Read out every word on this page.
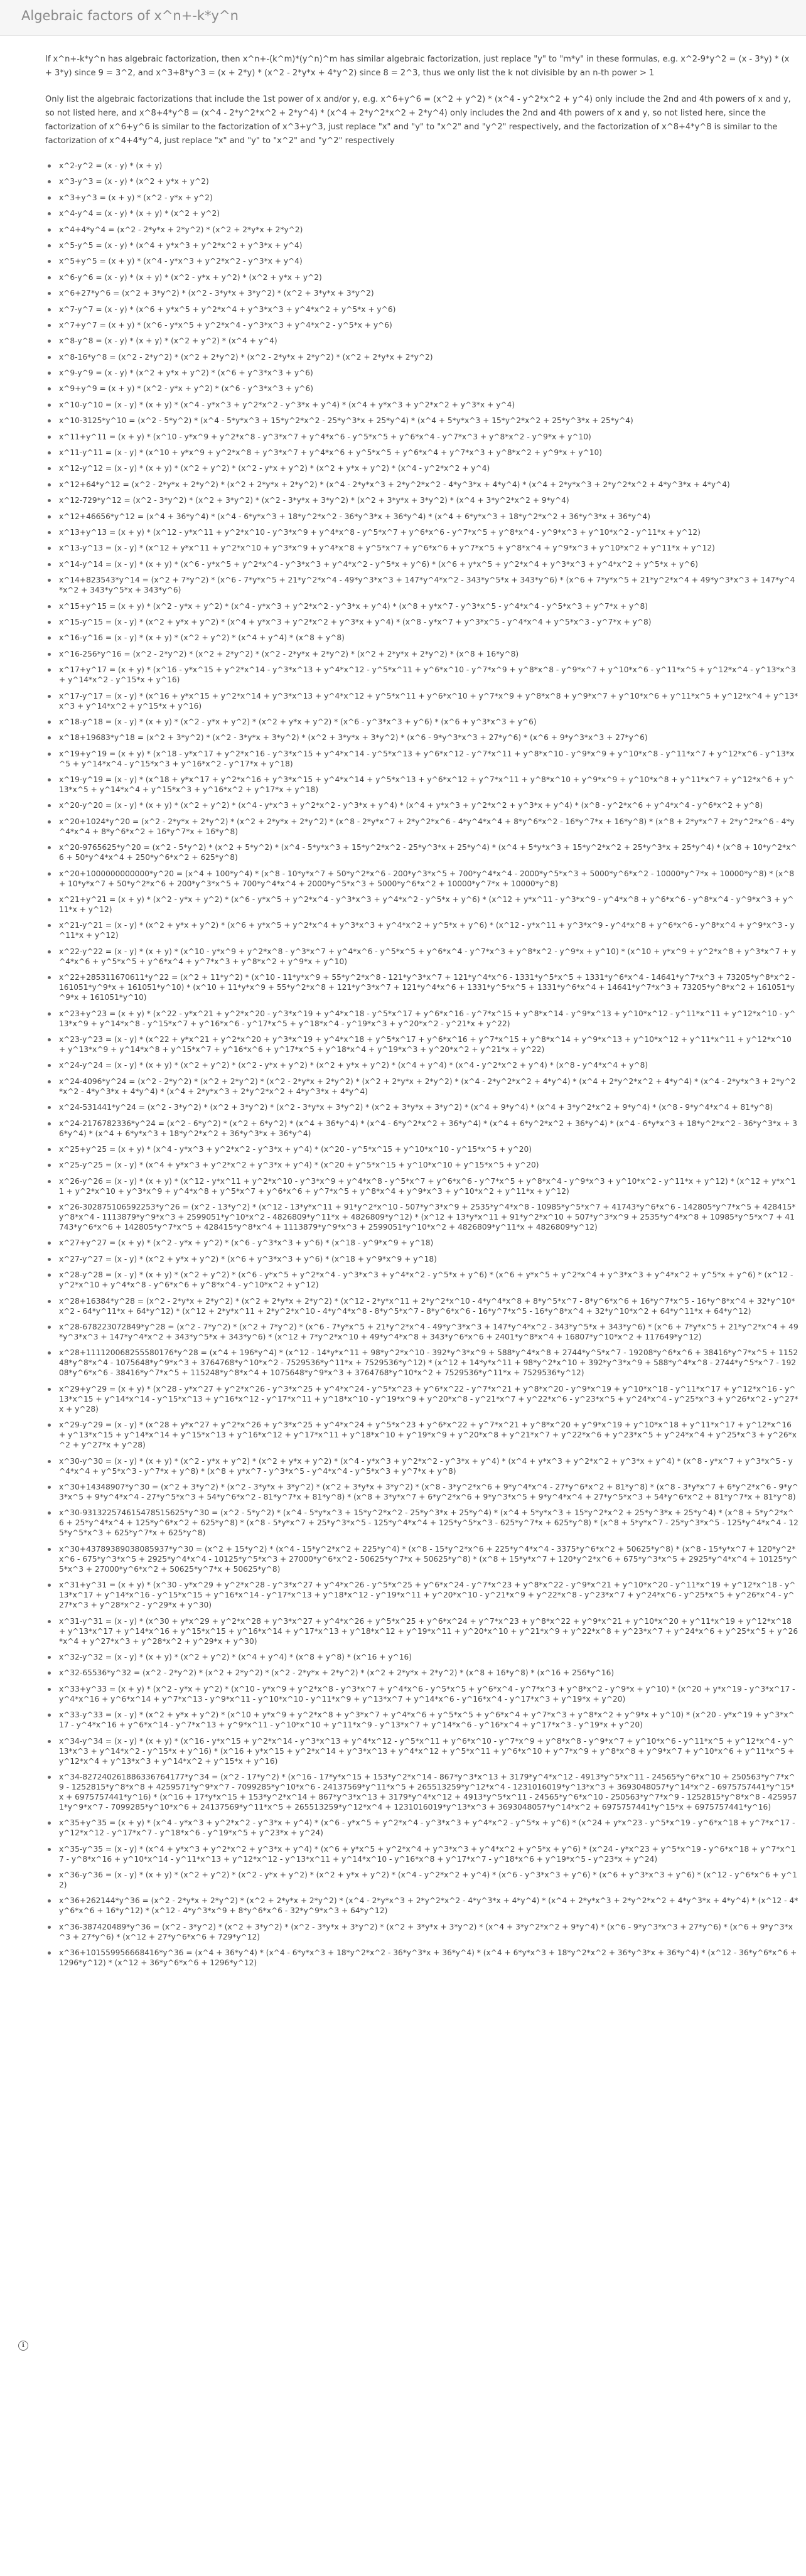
Algebraic factors of x^n+-k*y^n

If x^n+-k*y^n has algebraic factorization, then x^n+-(k^m)*(y^n)^m has similar algebraic factorization, just replace "y" to "m*y" in these formulas, e.g. x^2-9*y^2 = (x - 3*y) * (x + 3*y) since 9 = 3^2, and x^3+8*y^3 = (x + 2*y) * (x^2 - 2*y*x + 4*y^2) since 8 = 2^3, thus we only list the k not divisible by an n-th power > 1

Only list the algebraic factorizations that include the 1st power of x and/or y, e.g. x^6+y^6 = (x^2 + y^2) * (x^4 - y^2*x^2 + y^4) only include the 2nd and 4th powers of x and y, so not listed here, and x^8+4*y^8 = (x^4 - 2*y^2*x^2 + 2*y^4) * (x^4 + 2*y^2*x^2 + 2*y^4) only includes the 2nd and 4th powers of x and y, so not listed here, since the factorization of x^6+y^6 is similar to the factorization of x^3+y^3, just replace "x" and "y" to "x^2" and "y^2" respectively, and the factorization of x^8+4*y^8 is similar to the factorization of x^4+4*y^4, just replace "x" and "y" to "x^2" and "y^2" respectively

x^2-y^2 = (x - y) * (x + y)
x^3-y^3 = (x - y) * (x^2 + y*x + y^2)
x^3+y^3 = (x + y) * (x^2 - y*x + y^2)
x^4-y^4 = (x - y) * (x + y) * (x^2 + y^2)
x^4+4*y^4 = (x^2 - 2*y*x + 2*y^2) * (x^2 + 2*y*x + 2*y^2)
x^5-y^5 = (x - y) * (x^4 + y*x^3 + y^2*x^2 + y^3*x + y^4)
x^5+y^5 = (x + y) * (x^4 - y*x^3 + y^2*x^2 - y^3*x + y^4)
x^6-y^6 = (x - y) * (x + y) * (x^2 - y*x + y^2) * (x^2 + y*x + y^2)
x^6+27*y^6 = (x^2 + 3*y^2) * (x^2 - 3*y*x + 3*y^2) * (x^2 + 3*y*x + 3*y^2)
x^7-y^7 = (x - y) * (x^6 + y*x^5 + y^2*x^4 + y^3*x^3 + y^4*x^2 + y^5*x + y^6)
x^7+y^7 = (x + y) * (x^6 - y*x^5 + y^2*x^4 - y^3*x^3 + y^4*x^2 - y^5*x + y^6)
x^8-y^8 = (x - y) * (x + y) * (x^2 + y^2) * (x^4 + y^4)
x^8-16*y^8 = (x^2 - 2*y^2) * (x^2 + 2*y^2) * (x^2 - 2*y*x + 2*y^2) * (x^2 + 2*y*x + 2*y^2)
x^9-y^9 = (x - y) * (x^2 + y*x + y^2) * (x^6 + y^3*x^3 + y^6)
x^9+y^9 = (x + y) * (x^2 - y*x + y^2) * (x^6 - y^3*x^3 + y^6)
x^10-y^10 = (x - y) * (x + y) * (x^4 - y*x^3 + y^2*x^2 - y^3*x + y^4) * (x^4 + y*x^3 + y^2*x^2 + y^3*x + y^4)
x^10-3125*y^10 = (x^2 - 5*y^2) * (x^4 - 5*y*x^3 + 15*y^2*x^2 - 25*y^3*x + 25*y^4) * (x^4 + 5*y*x^3 + 15*y^2*x^2 + 25*y^3*x + 25*y^4)
x^11+y^11 = (x + y) * (x^10 - y*x^9 + y^2*x^8 - y^3*x^7 + y^4*x^6 - y^5*x^5 + y^6*x^4 - y^7*x^3 + y^8*x^2 - y^9*x + y^10)
x^11-y^11 = (x - y) * (x^10 + y*x^9 + y^2*x^8 + y^3*x^7 + y^4*x^6 + y^5*x^5 + y^6*x^4 + y^7*x^3 + y^8*x^2 + y^9*x + y^10)
x^12-y^12 = (x - y) * (x + y) * (x^2 + y^2) * (x^2 - y*x + y^2) * (x^2 + y*x + y^2) * (x^4 - y^2*x^2 + y^4)
x^12+64*y^12 = (x^2 - 2*y*x + 2*y^2) * (x^2 + 2*y*x + 2*y^2) * (x^4 - 2*y*x^3 + 2*y^2*x^2 - 4*y^3*x + 4*y^4) * (x^4 + 2*y*x^3 + 2*y^2*x^2 + 4*y^3*x + 4*y^4)
x^12-729*y^12 = (x^2 - 3*y^2) * (x^2 + 3*y^2) * (x^2 - 3*y*x + 3*y^2) * (x^2 + 3*y*x + 3*y^2) * (x^4 + 3*y^2*x^2 + 9*y^4)
x^12+46656*y^12 = (x^4 + 36*y^4) * (x^4 - 6*y*x^3 + 18*y^2*x^2 - 36*y^3*x + 36*y^4) * (x^4 + 6*y*x^3 + 18*y^2*x^2 + 36*y^3*x + 36*y^4)
x^13+y^13 = (x + y) * (x^12 - y*x^11 + y^2*x^10 - y^3*x^9 + y^4*x^8 - y^5*x^7 + y^6*x^6 - y^7*x^5 + y^8*x^4 - y^9*x^3 + y^10*x^2 - y^11*x + y^12)
x^13-y^13 = (x - y) * (x^12 + y*x^11 + y^2*x^10 + y^3*x^9 + y^4*x^8 + y^5*x^7 + y^6*x^6 + y^7*x^5 + y^8*x^4 + y^9*x^3 + y^10*x^2 + y^11*x + y^12)
x^14-y^14 = (x - y) * (x + y) * (x^6 - y*x^5 + y^2*x^4 - y^3*x^3 + y^4*x^2 - y^5*x + y^6) * (x^6 + y*x^5 + y^2*x^4 + y^3*x^3 + y^4*x^2 + y^5*x + y^6)
x^14+823543*y^14 = (x^2 + 7*y^2) * (x^6 - 7*y*x^5 + 21*y^2*x^4 - 49*y^3*x^3 + 147*y^4*x^2 - 343*y^5*x + 343*y^6) * (x^6 + 7*y*x^5 + 21*y^2*x^4 + 49*y^3*x^3 + 147*y^4*x^2 + 343*y^5*x + 343*y^6)
x^15+y^15 = (x + y) * (x^2 - y*x + y^2) * (x^4 - y*x^3 + y^2*x^2 - y^3*x + y^4) * (x^8 + y*x^7 - y^3*x^5 - y^4*x^4 - y^5*x^3 + y^7*x + y^8)
x^15-y^15 = (x - y) * (x^2 + y*x + y^2) * (x^4 + y*x^3 + y^2*x^2 + y^3*x + y^4) * (x^8 - y*x^7 + y^3*x^5 - y^4*x^4 + y^5*x^3 - y^7*x + y^8)
x^16-y^16 = (x - y) * (x + y) * (x^2 + y^2) * (x^4 + y^4) * (x^8 + y^8)
x^16-256*y^16 = (x^2 - 2*y^2) * (x^2 + 2*y^2) * (x^2 - 2*y*x + 2*y^2) * (x^2 + 2*y*x + 2*y^2) * (x^8 + 16*y^8)
x^17+y^17 = (x + y) * (x^16 - y*x^15 + y^2*x^14 - y^3*x^13 + y^4*x^12 - y^5*x^11 + y^6*x^10 - y^7*x^9 + y^8*x^8 - y^9*x^7 + y^10*x^6 - y^11*x^5 + y^12*x^4 - y^13*x^3 + y^14*x^2 - y^15*x + y^16)
x^17-y^17 = (x - y) * (x^16 + y*x^15 + y^2*x^14 + y^3*x^13 + y^4*x^12 + y^5*x^11 + y^6*x^10 + y^7*x^9 + y^8*x^8 + y^9*x^7 + y^10*x^6 + y^11*x^5 + y^12*x^4 + y^13*x^3 + y^14*x^2 + y^15*x + y^16)
x^18-y^18 = (x - y) * (x + y) * (x^2 - y*x + y^2) * (x^2 + y*x + y^2) * (x^6 - y^3*x^3 + y^6) * (x^6 + y^3*x^3 + y^6)
x^18+19683*y^18 = (x^2 + 3*y^2) * (x^2 - 3*y*x + 3*y^2) * (x^2 + 3*y*x + 3*y^2) * (x^6 - 9*y^3*x^3 + 27*y^6) * (x^6 + 9*y^3*x^3 + 27*y^6)
x^19+y^19 = (x + y) * (x^18 - y*x^17 + y^2*x^16 - y^3*x^15 + y^4*x^14 - y^5*x^13 + y^6*x^12 - y^7*x^11 + y^8*x^10 - y^9*x^9 + y^10*x^8 - y^11*x^7 + y^12*x^6 - y^13*x^5 + y^14*x^4 - y^15*x^3 + y^16*x^2 - y^17*x + y^18)
x^19-y^19 = (x - y) * (x^18 + y*x^17 + y^2*x^16 + y^3*x^15 + y^4*x^14 + y^5*x^13 + y^6*x^12 + y^7*x^11 + y^8*x^10 + y^9*x^9 + y^10*x^8 + y^11*x^7 + y^12*x^6 + y^13*x^5 + y^14*x^4 + y^15*x^3 + y^16*x^2 + y^17*x + y^18)
x^20-y^20 = (x - y) * (x + y) * (x^2 + y^2) * (x^4 - y*x^3 + y^2*x^2 - y^3*x + y^4) * (x^4 + y*x^3 + y^2*x^2 + y^3*x + y^4) * (x^8 - y^2*x^6 + y^4*x^4 - y^6*x^2 + y^8)
x^20+1024*y^20 = (x^2 - 2*y*x + 2*y^2) * (x^2 + 2*y*x + 2*y^2) * (x^8 - 2*y*x^7 + 2*y^2*x^6 - 4*y^4*x^4 + 8*y^6*x^2 - 16*y^7*x + 16*y^8) * (x^8 + 2*y*x^7 + 2*y^2*x^6 - 4*y^4*x^4 + 8*y^6*x^2 + 16*y^7*x + 16*y^8)
x^20-9765625*y^20 = (x^2 - 5*y^2) * (x^2 + 5*y^2) * (x^4 - 5*y*x^3 + 15*y^2*x^2 - 25*y^3*x + 25*y^4) * (x^4 + 5*y*x^3 + 15*y^2*x^2 + 25*y^3*x + 25*y^4) * (x^8 + 10*y^2*x^6 + 50*y^4*x^4 + 250*y^6*x^2 + 625*y^8)
x^20+1000000000000*y^20 = (x^4 + 100*y^4) * (x^8 - 10*y*x^7 + 50*y^2*x^6 - 200*y^3*x^5 + 700*y^4*x^4 - 2000*y^5*x^3 + 5000*y^6*x^2 - 10000*y^7*x + 10000*y^8) * (x^8 + 10*y*x^7 + 50*y^2*x^6 + 200*y^3*x^5 + 700*y^4*x^4 + 2000*y^5*x^3 + 5000*y^6*x^2 + 10000*y^7*x + 10000*y^8)
x^21+y^21 = (x + y) * (x^2 - y*x + y^2) * (x^6 - y*x^5 + y^2*x^4 - y^3*x^3 + y^4*x^2 - y^5*x + y^6) * (x^12 + y*x^11 - y^3*x^9 - y^4*x^8 + y^6*x^6 - y^8*x^4 - y^9*x^3 + y^11*x + y^12)
x^21-y^21 = (x - y) * (x^2 + y*x + y^2) * (x^6 + y*x^5 + y^2*x^4 + y^3*x^3 + y^4*x^2 + y^5*x + y^6) * (x^12 - y*x^11 + y^3*x^9 - y^4*x^8 + y^6*x^6 - y^8*x^4 + y^9*x^3 - y^11*x + y^12)
x^22-y^22 = (x - y) * (x + y) * (x^10 - y*x^9 + y^2*x^8 - y^3*x^7 + y^4*x^6 - y^5*x^5 + y^6*x^4 - y^7*x^3 + y^8*x^2 - y^9*x + y^10) * (x^10 + y*x^9 + y^2*x^8 + y^3*x^7 + y^4*x^6 + y^5*x^5 + y^6*x^4 + y^7*x^3 + y^8*x^2 + y^9*x + y^10)
x^22+285311670611*y^22 = (x^2 + 11*y^2) * (x^10 - 11*y*x^9 + 55*y^2*x^8 - 121*y^3*x^7 + 121*y^4*x^6 - 1331*y^5*x^5 + 1331*y^6*x^4 - 14641*y^7*x^3 + 73205*y^8*x^2 - 161051*y^9*x + 161051*y^10) * (x^10 + 11*y*x^9 + 55*y^2*x^8 + 121*y^3*x^7 + 121*y^4*x^6 + 1331*y^5*x^5 + 1331*y^6*x^4 + 14641*y^7*x^3 + 73205*y^8*x^2 + 161051*y^9*x + 161051*y^10)
x^23+y^23 = (x + y) * (x^22 - y*x^21 + y^2*x^20 - y^3*x^19 + y^4*x^18 - y^5*x^17 + y^6*x^16 - y^7*x^15 + y^8*x^14 - y^9*x^13 + y^10*x^12 - y^11*x^11 + y^12*x^10 - y^13*x^9 + y^14*x^8 - y^15*x^7 + y^16*x^6 - y^17*x^5 + y^18*x^4 - y^19*x^3 + y^20*x^2 - y^21*x + y^22)
x^23-y^23 = (x - y) * (x^22 + y*x^21 + y^2*x^20 + y^3*x^19 + y^4*x^18 + y^5*x^17 + y^6*x^16 + y^7*x^15 + y^8*x^14 + y^9*x^13 + y^10*x^12 + y^11*x^11 + y^12*x^10 + y^13*x^9 + y^14*x^8 + y^15*x^7 + y^16*x^6 + y^17*x^5 + y^18*x^4 + y^19*x^3 + y^20*x^2 + y^21*x + y^22)
x^24-y^24 = (x - y) * (x + y) * (x^2 + y^2) * (x^2 - y*x + y^2) * (x^2 + y*x + y^2) * (x^4 + y^4) * (x^4 - y^2*x^2 + y^4) * (x^8 - y^4*x^4 + y^8)
x^24-4096*y^24 = (x^2 - 2*y^2) * (x^2 + 2*y^2) * (x^2 - 2*y*x + 2*y^2) * (x^2 + 2*y*x + 2*y^2) * (x^4 - 2*y^2*x^2 + 4*y^4) * (x^4 + 2*y^2*x^2 + 4*y^4) * (x^4 - 2*y*x^3 + 2*y^2*x^2 - 4*y^3*x + 4*y^4) * (x^4 + 2*y*x^3 + 2*y^2*x^2 + 4*y^3*x + 4*y^4)
x^24-531441*y^24 = (x^2 - 3*y^2) * (x^2 + 3*y^2) * (x^2 - 3*y*x + 3*y^2) * (x^2 + 3*y*x + 3*y^2) * (x^4 + 9*y^4) * (x^4 + 3*y^2*x^2 + 9*y^4) * (x^8 - 9*y^4*x^4 + 81*y^8)
x^24-2176782336*y^24 = (x^2 - 6*y^2) * (x^2 + 6*y^2) * (x^4 + 36*y^4) * (x^4 - 6*y^2*x^2 + 36*y^4) * (x^4 + 6*y^2*x^2 + 36*y^4) * (x^4 - 6*y*x^3 + 18*y^2*x^2 - 36*y^3*x + 36*y^4) * (x^4 + 6*y*x^3 + 18*y^2*x^2 + 36*y^3*x + 36*y^4)
x^25+y^25 = (x + y) * (x^4 - y*x^3 + y^2*x^2 - y^3*x + y^4) * (x^20 - y^5*x^15 + y^10*x^10 - y^15*x^5 + y^20)
x^25-y^25 = (x - y) * (x^4 + y*x^3 + y^2*x^2 + y^3*x + y^4) * (x^20 + y^5*x^15 + y^10*x^10 + y^15*x^5 + y^20)
x^26-y^26 = (x - y) * (x + y) * (x^12 - y*x^11 + y^2*x^10 - y^3*x^9 + y^4*x^8 - y^5*x^7 + y^6*x^6 - y^7*x^5 + y^8*x^4 - y^9*x^3 + y^10*x^2 - y^11*x + y^12) * (x^12 + y*x^11 + y^2*x^10 + y^3*x^9 + y^4*x^8 + y^5*x^7 + y^6*x^6 + y^7*x^5 + y^8*x^4 + y^9*x^3 + y^10*x^2 + y^11*x + y^12)
x^26-302875106592253*y^26 = (x^2 - 13*y^2) * (x^12 - 13*y*x^11 + 91*y^2*x^10 - 507*y^3*x^9 + 2535*y^4*x^8 - 10985*y^5*x^7 + 41743*y^6*x^6 - 142805*y^7*x^5 + 428415*y^8*x^4 - 1113879*y^9*x^3 + 2599051*y^10*x^2 - 4826809*y^11*x + 4826809*y^12) * (x^12 + 13*y*x^11 + 91*y^2*x^10 + 507*y^3*x^9 + 2535*y^4*x^8 + 10985*y^5*x^7 + 41743*y^6*x^6 + 142805*y^7*x^5 + 428415*y^8*x^4 + 1113879*y^9*x^3 + 2599051*y^10*x^2 + 4826809*y^11*x + 4826809*y^12)
x^27+y^27 = (x + y) * (x^2 - y*x + y^2) * (x^6 - y^3*x^3 + y^6) * (x^18 - y^9*x^9 + y^18)
x^27-y^27 = (x - y) * (x^2 + y*x + y^2) * (x^6 + y^3*x^3 + y^6) * (x^18 + y^9*x^9 + y^18)
x^28-y^28 = (x - y) * (x + y) * (x^2 + y^2) * (x^6 - y*x^5 + y^2*x^4 - y^3*x^3 + y^4*x^2 - y^5*x + y^6) * (x^6 + y*x^5 + y^2*x^4 + y^3*x^3 + y^4*x^2 + y^5*x + y^6) * (x^12 - y^2*x^10 + y^4*x^8 - y^6*x^6 + y^8*x^4 - y^10*x^2 + y^12)
x^28+16384*y^28 = (x^2 - 2*y*x + 2*y^2) * (x^2 + 2*y*x + 2*y^2) * (x^12 - 2*y*x^11 + 2*y^2*x^10 - 4*y^4*x^8 + 8*y^5*x^7 - 8*y^6*x^6 + 16*y^7*x^5 - 16*y^8*x^4 + 32*y^10*x^2 - 64*y^11*x + 64*y^12) * (x^12 + 2*y*x^11 + 2*y^2*x^10 - 4*y^4*x^8 - 8*y^5*x^7 - 8*y^6*x^6 - 16*y^7*x^5 - 16*y^8*x^4 + 32*y^10*x^2 + 64*y^11*x + 64*y^12)
x^28-678223072849*y^28 = (x^2 - 7*y^2) * (x^2 + 7*y^2) * (x^6 - 7*y*x^5 + 21*y^2*x^4 - 49*y^3*x^3 + 147*y^4*x^2 - 343*y^5*x + 343*y^6) * (x^6 + 7*y*x^5 + 21*y^2*x^4 + 49*y^3*x^3 + 147*y^4*x^2 + 343*y^5*x + 343*y^6) * (x^12 + 7*y^2*x^10 + 49*y^4*x^8 + 343*y^6*x^6 + 2401*y^8*x^4 + 16807*y^10*x^2 + 117649*y^12)
x^28+111120068255580176*y^28 = (x^4 + 196*y^4) * (x^12 - 14*y*x^11 + 98*y^2*x^10 - 392*y^3*x^9 + 588*y^4*x^8 + 2744*y^5*x^7 - 19208*y^6*x^6 + 38416*y^7*x^5 + 115248*y^8*x^4 - 1075648*y^9*x^3 + 3764768*y^10*x^2 - 7529536*y^11*x + 7529536*y^12) * (x^12 + 14*y*x^11 + 98*y^2*x^10 + 392*y^3*x^9 + 588*y^4*x^8 - 2744*y^5*x^7 - 19208*y^6*x^6 - 38416*y^7*x^5 + 115248*y^8*x^4 + 1075648*y^9*x^3 + 3764768*y^10*x^2 + 7529536*y^11*x + 7529536*y^12)
x^29+y^29 = (x + y) * (x^28 - y*x^27 + y^2*x^26 - y^3*x^25 + y^4*x^24 - y^5*x^23 + y^6*x^22 - y^7*x^21 + y^8*x^20 - y^9*x^19 + y^10*x^18 - y^11*x^17 + y^12*x^16 - y^13*x^15 + y^14*x^14 - y^15*x^13 + y^16*x^12 - y^17*x^11 + y^18*x^10 - y^19*x^9 + y^20*x^8 - y^21*x^7 + y^22*x^6 - y^23*x^5 + y^24*x^4 - y^25*x^3 + y^26*x^2 - y^27*x + y^28)
x^29-y^29 = (x - y) * (x^28 + y*x^27 + y^2*x^26 + y^3*x^25 + y^4*x^24 + y^5*x^23 + y^6*x^22 + y^7*x^21 + y^8*x^20 + y^9*x^19 + y^10*x^18 + y^11*x^17 + y^12*x^16 + y^13*x^15 + y^14*x^14 + y^15*x^13 + y^16*x^12 + y^17*x^11 + y^18*x^10 + y^19*x^9 + y^20*x^8 + y^21*x^7 + y^22*x^6 + y^23*x^5 + y^24*x^4 + y^25*x^3 + y^26*x^2 + y^27*x + y^28)
x^30-y^30 = (x - y) * (x + y) * (x^2 - y*x + y^2) * (x^2 + y*x + y^2) * (x^4 - y*x^3 + y^2*x^2 - y^3*x + y^4) * (x^4 + y*x^3 + y^2*x^2 + y^3*x + y^4) * (x^8 - y*x^7 + y^3*x^5 - y^4*x^4 + y^5*x^3 - y^7*x + y^8) * (x^8 + y*x^7 - y^3*x^5 - y^4*x^4 - y^5*x^3 + y^7*x + y^8)
x^30+14348907*y^30 = (x^2 + 3*y^2) * (x^2 - 3*y*x + 3*y^2) * (x^2 + 3*y*x + 3*y^2) * (x^8 - 3*y^2*x^6 + 9*y^4*x^4 - 27*y^6*x^2 + 81*y^8) * (x^8 - 3*y*x^7 + 6*y^2*x^6 - 9*y^3*x^5 + 9*y^4*x^4 - 27*y^5*x^3 + 54*y^6*x^2 - 81*y^7*x + 81*y^8) * (x^8 + 3*y*x^7 + 6*y^2*x^6 + 9*y^3*x^5 + 9*y^4*x^4 + 27*y^5*x^3 + 54*y^6*x^2 + 81*y^7*x + 81*y^8)
x^30-931322574615478515625*y^30 = (x^2 - 5*y^2) * (x^4 - 5*y*x^3 + 15*y^2*x^2 - 25*y^3*x + 25*y^4) * (x^4 + 5*y*x^3 + 15*y^2*x^2 + 25*y^3*x + 25*y^4) * (x^8 + 5*y^2*x^6 + 25*y^4*x^4 + 125*y^6*x^2 + 625*y^8) * (x^8 - 5*y*x^7 + 25*y^3*x^5 - 125*y^4*x^4 + 125*y^5*x^3 - 625*y^7*x + 625*y^8) * (x^8 + 5*y*x^7 - 25*y^3*x^5 - 125*y^4*x^4 - 125*y^5*x^3 + 625*y^7*x + 625*y^8)
x^30+43789389038085937*y^30 = (x^2 + 15*y^2) * (x^4 - 15*y^2*x^2 + 225*y^4) * (x^8 - 15*y^2*x^6 + 225*y^4*x^4 - 3375*y^6*x^2 + 50625*y^8) * (x^8 - 15*y*x^7 + 120*y^2*x^6 - 675*y^3*x^5 + 2925*y^4*x^4 - 10125*y^5*x^3 + 27000*y^6*x^2 - 50625*y^7*x + 50625*y^8) * (x^8 + 15*y*x^7 + 120*y^2*x^6 + 675*y^3*x^5 + 2925*y^4*x^4 + 10125*y^5*x^3 + 27000*y^6*x^2 + 50625*y^7*x + 50625*y^8)
x^31+y^31 = (x + y) * (x^30 - y*x^29 + y^2*x^28 - y^3*x^27 + y^4*x^26 - y^5*x^25 + y^6*x^24 - y^7*x^23 + y^8*x^22 - y^9*x^21 + y^10*x^20 - y^11*x^19 + y^12*x^18 - y^13*x^17 + y^14*x^16 - y^15*x^15 + y^16*x^14 - y^17*x^13 + y^18*x^12 - y^19*x^11 + y^20*x^10 - y^21*x^9 + y^22*x^8 - y^23*x^7 + y^24*x^6 - y^25*x^5 + y^26*x^4 - y^27*x^3 + y^28*x^2 - y^29*x + y^30)
x^31-y^31 = (x - y) * (x^30 + y*x^29 + y^2*x^28 + y^3*x^27 + y^4*x^26 + y^5*x^25 + y^6*x^24 + y^7*x^23 + y^8*x^22 + y^9*x^21 + y^10*x^20 + y^11*x^19 + y^12*x^18 + y^13*x^17 + y^14*x^16 + y^15*x^15 + y^16*x^14 + y^17*x^13 + y^18*x^12 + y^19*x^11 + y^20*x^10 + y^21*x^9 + y^22*x^8 + y^23*x^7 + y^24*x^6 + y^25*x^5 + y^26*x^4 + y^27*x^3 + y^28*x^2 + y^29*x + y^30)
x^32-y^32 = (x - y) * (x + y) * (x^2 + y^2) * (x^4 + y^4) * (x^8 + y^8) * (x^16 + y^16)
x^32-65536*y^32 = (x^2 - 2*y^2) * (x^2 + 2*y^2) * (x^2 - 2*y*x + 2*y^2) * (x^2 + 2*y*x + 2*y^2) * (x^8 + 16*y^8) * (x^16 + 256*y^16)
x^33+y^33 = (x + y) * (x^2 - y*x + y^2) * (x^10 - y*x^9 + y^2*x^8 - y^3*x^7 + y^4*x^6 - y^5*x^5 + y^6*x^4 - y^7*x^3 + y^8*x^2 - y^9*x + y^10) * (x^20 + y*x^19 - y^3*x^17 - y^4*x^16 + y^6*x^14 + y^7*x^13 - y^9*x^11 - y^10*x^10 - y^11*x^9 + y^13*x^7 + y^14*x^6 - y^16*x^4 - y^17*x^3 + y^19*x + y^20)
x^33-y^33 = (x - y) * (x^2 + y*x + y^2) * (x^10 + y*x^9 + y^2*x^8 + y^3*x^7 + y^4*x^6 + y^5*x^5 + y^6*x^4 + y^7*x^3 + y^8*x^2 + y^9*x + y^10) * (x^20 - y*x^19 + y^3*x^17 - y^4*x^16 + y^6*x^14 - y^7*x^13 + y^9*x^11 - y^10*x^10 + y^11*x^9 - y^13*x^7 + y^14*x^6 - y^16*x^4 + y^17*x^3 - y^19*x + y^20)
x^34-y^34 = (x - y) * (x + y) * (x^16 - y*x^15 + y^2*x^14 - y^3*x^13 + y^4*x^12 - y^5*x^11 + y^6*x^10 - y^7*x^9 + y^8*x^8 - y^9*x^7 + y^10*x^6 - y^11*x^5 + y^12*x^4 - y^13*x^3 + y^14*x^2 - y^15*x + y^16) * (x^16 + y*x^15 + y^2*x^14 + y^3*x^13 + y^4*x^12 + y^5*x^11 + y^6*x^10 + y^7*x^9 + y^8*x^8 + y^9*x^7 + y^10*x^6 + y^11*x^5 + y^12*x^4 + y^13*x^3 + y^14*x^2 + y^15*x + y^16)
x^34-827240261886336764177*y^34 = (x^2 - 17*y^2) * (x^16 - 17*y*x^15 + 153*y^2*x^14 - 867*y^3*x^13 + 3179*y^4*x^12 - 4913*y^5*x^11 - 24565*y^6*x^10 + 250563*y^7*x^9 - 1252815*y^8*x^8 + 4259571*y^9*x^7 - 7099285*y^10*x^6 - 24137569*y^11*x^5 + 265513259*y^12*x^4 - 1231016019*y^13*x^3 + 3693048057*y^14*x^2 - 6975757441*y^15*x + 6975757441*y^16) * (x^16 + 17*y*x^15 + 153*y^2*x^14 + 867*y^3*x^13 + 3179*y^4*x^12 + 4913*y^5*x^11 - 24565*y^6*x^10 - 250563*y^7*x^9 - 1252815*y^8*x^8 - 4259571*y^9*x^7 - 7099285*y^10*x^6 + 24137569*y^11*x^5 + 265513259*y^12*x^4 + 1231016019*y^13*x^3 + 3693048057*y^14*x^2 + 6975757441*y^15*x + 6975757441*y^16)
x^35+y^35 = (x + y) * (x^4 - y*x^3 + y^2*x^2 - y^3*x + y^4) * (x^6 - y*x^5 + y^2*x^4 - y^3*x^3 + y^4*x^2 - y^5*x + y^6) * (x^24 + y*x^23 - y^5*x^19 - y^6*x^18 + y^7*x^17 - y^12*x^12 - y^17*x^7 - y^18*x^6 - y^19*x^5 + y^23*x + y^24)
x^35-y^35 = (x - y) * (x^4 + y*x^3 + y^2*x^2 + y^3*x + y^4) * (x^6 + y*x^5 + y^2*x^4 + y^3*x^3 + y^4*x^2 + y^5*x + y^6) * (x^24 - y*x^23 + y^5*x^19 - y^6*x^18 + y^7*x^17 - y^8*x^16 + y^10*x^14 - y^11*x^13 + y^12*x^12 - y^13*x^11 + y^14*x^10 - y^16*x^8 + y^17*x^7 - y^18*x^6 + y^19*x^5 - y^23*x + y^24)
x^36-y^36 = (x - y) * (x + y) * (x^2 + y^2) * (x^2 - y*x + y^2) * (x^2 + y*x + y^2) * (x^4 - y^2*x^2 + y^4) * (x^6 - y^3*x^3 + y^6) * (x^6 + y^3*x^3 + y^6) * (x^12 - y^6*x^6 + y^12)
x^36+262144*y^36 = (x^2 - 2*y*x + 2*y^2) * (x^2 + 2*y*x + 2*y^2) * (x^4 - 2*y*x^3 + 2*y^2*x^2 - 4*y^3*x + 4*y^4) * (x^4 + 2*y*x^3 + 2*y^2*x^2 + 4*y^3*x + 4*y^4) * (x^12 - 4*y^6*x^6 + 16*y^12) * (x^12 - 4*y^3*x^9 + 8*y^6*x^6 - 32*y^9*x^3 + 64*y^12)
x^36-387420489*y^36 = (x^2 - 3*y^2) * (x^2 + 3*y^2) * (x^2 - 3*y*x + 3*y^2) * (x^2 + 3*y*x + 3*y^2) * (x^4 + 3*y^2*x^2 + 9*y^4) * (x^6 - 9*y^3*x^3 + 27*y^6) * (x^6 + 9*y^3*x^3 + 27*y^6) * (x^12 + 27*y^6*x^6 + 729*y^12)
x^36+101559956668416*y^36 = (x^4 + 36*y^4) * (x^4 - 6*y*x^3 + 18*y^2*x^2 - 36*y^3*x + 36*y^4) * (x^4 + 6*y*x^3 + 18*y^2*x^2 + 36*y^3*x + 36*y^4) * (x^12 - 36*y^6*x^6 + 1296*y^12) * (x^12 + 36*y^6*x^6 + 1296*y^12)
i
